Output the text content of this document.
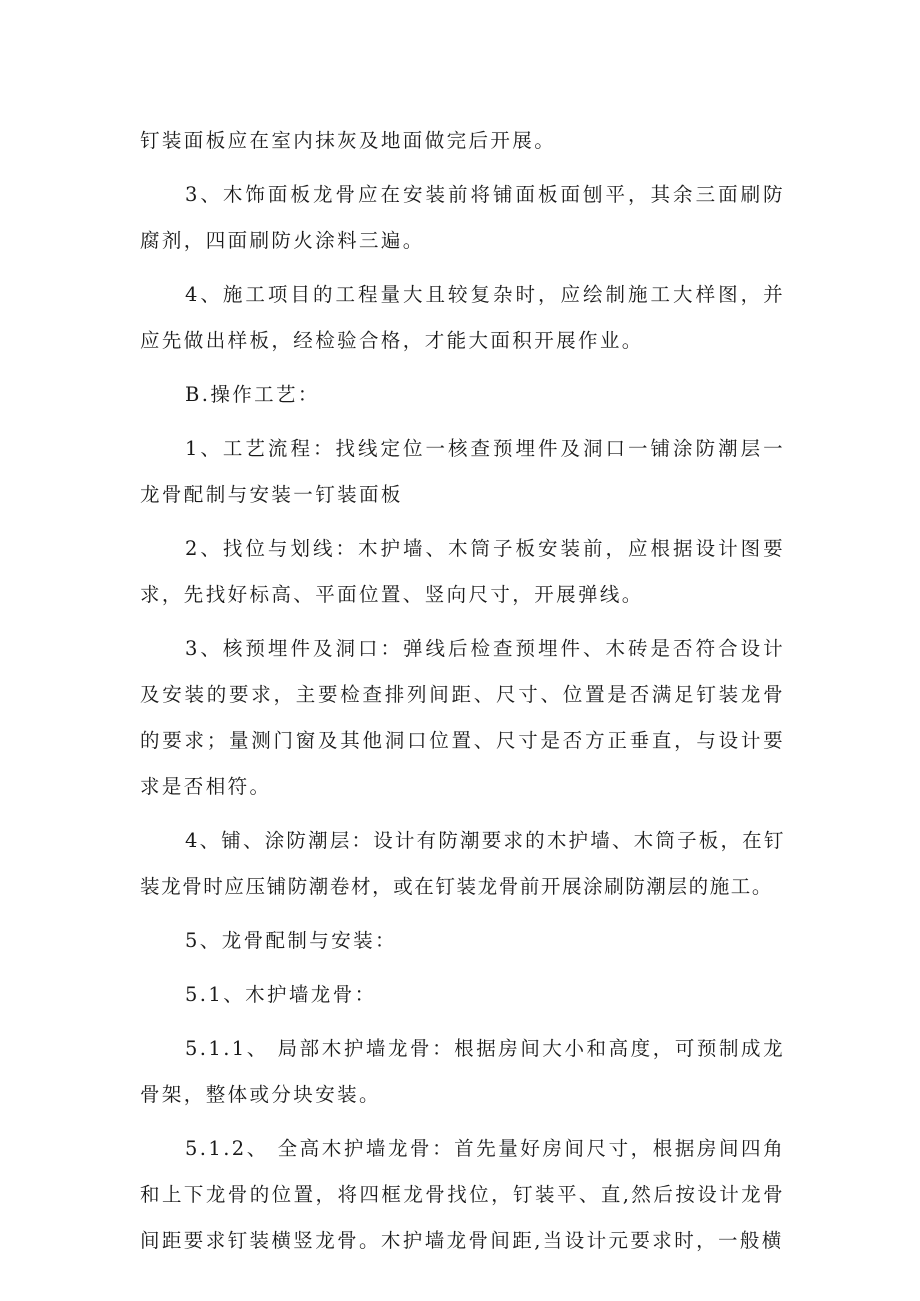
钉装面板应在室内抹灰及地面做完后开展。

3、木饰面板龙骨应在安装前将铺面板面刨平，其余三面刷防腐剂，四面刷防火涂料三遍。

4、施工项目的工程量大且较复杂时，应绘制施工大样图，并应先做出样板，经检验合格，才能大面积开展作业。

B.操作工艺：

1、工艺流程：找线定位一核查预埋件及洞口一铺涂防潮层一龙骨配制与安装一钉装面板

2、找位与划线：木护墙、木筒子板安装前，应根据设计图要求，先找好标高、平面位置、竖向尺寸，开展弹线。

3、核预埋件及洞口：弹线后检查预埋件、木砖是否符合设计及安装的要求，主要检查排列间距、尺寸、位置是否满足钉装龙骨的要求；量测门窗及其他洞口位置、尺寸是否方正垂直，与设计要求是否相符。

4、铺、涂防潮层：设计有防潮要求的木护墙、木筒子板，在钉装龙骨时应压铺防潮卷材，或在钉装龙骨前开展涂刷防潮层的施工。

5、龙骨配制与安装：

5.1、木护墙龙骨：

5.1.1、 局部木护墙龙骨：根据房间大小和高度，可预制成龙骨架，整体或分块安装。

5.1.2、 全高木护墙龙骨：首先量好房间尺寸，根据房间四角和上下龙骨的位置，将四框龙骨找位，钉装平、直,然后按设计龙骨间距要求钉装横竖龙骨。木护墙龙骨间距,当设计元要求时，一般横
